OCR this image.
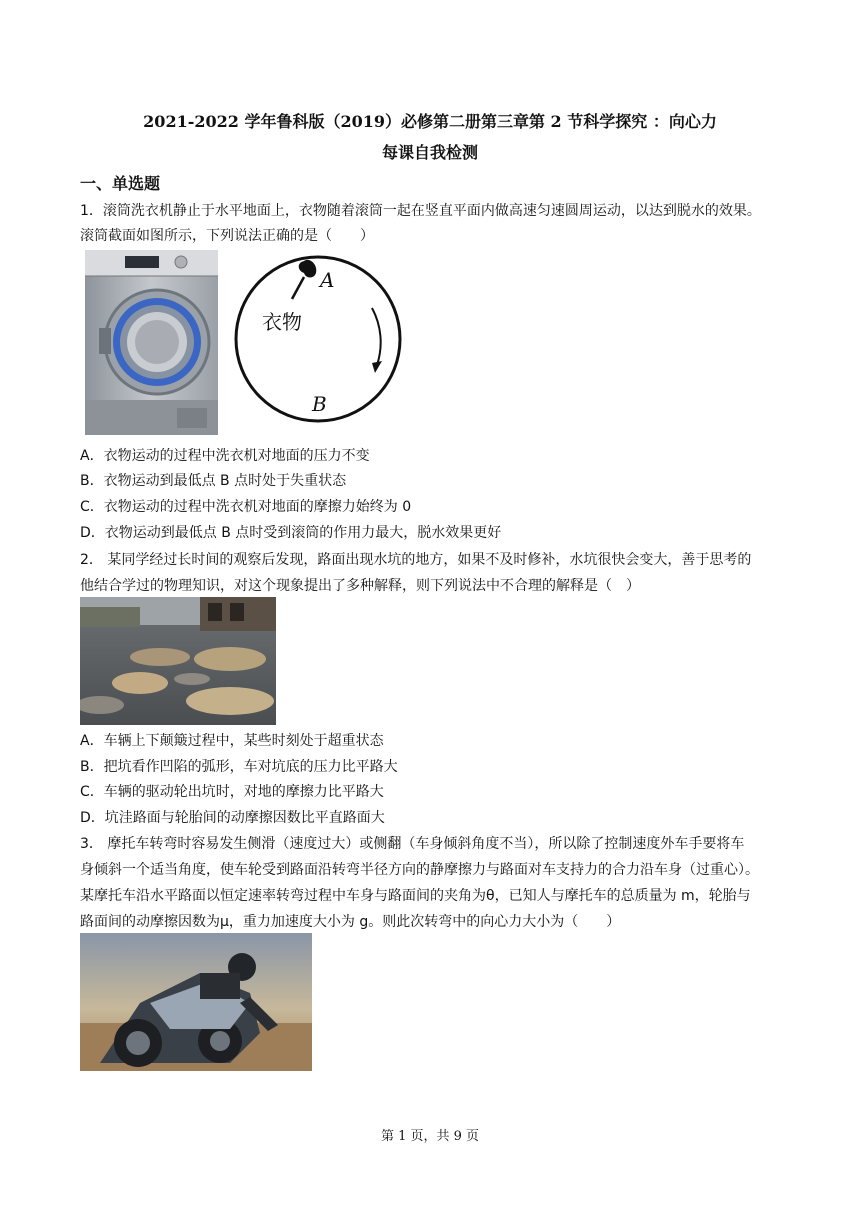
2021-2022 学年鲁科版（2019）必修第二册第三章第 2 节科学探究 ：向心力
每课自我检测
一、单选题
1．滚筒洗衣机静止于水平地面上，衣物随着滚筒一起在竖直平面内做高速匀速圆周运动，以达到脱水的效果。
滚筒截面如图所示，下列说法正确的是（　　）
A
B
衣物
A．衣物运动的过程中洗衣机对地面的压力不变
B．衣物运动到最低点 B 点时处于失重状态
C．衣物运动的过程中洗衣机对地面的摩擦力始终为 0
D．衣物运动到最低点 B 点时受到滚筒的作用力最大，脱水效果更好
2． 某同学经过长时间的观察后发现，路面出现水坑的地方，如果不及时修补，水坑很快会变大，善于思考的
他结合学过的物理知识，对这个现象提出了多种解释，则下列说法中不合理的解释是（　）
A．车辆上下颠簸过程中，某些时刻处于超重状态
B．把坑看作凹陷的弧形，车对坑底的压力比平路大
C．车辆的驱动轮出坑时，对地的摩擦力比平路大
D．坑洼路面与轮胎间的动摩擦因数比平直路面大
3． 摩托车转弯时容易发生侧滑（速度过大）或侧翻（车身倾斜角度不当），所以除了控制速度外车手要将车
身倾斜一个适当角度，使车轮受到路面沿转弯半径方向的静摩擦力与路面对车支持力的合力沿车身（过重心）。
某摩托车沿水平路面以恒定速率转弯过程中车身与路面间的夹角为θ，已知人与摩托车的总质量为 m，轮胎与
路面间的动摩擦因数为μ，重力加速度大小为 g。则此次转弯中的向心力大小为（　　）
第 1 页，共 9 页
